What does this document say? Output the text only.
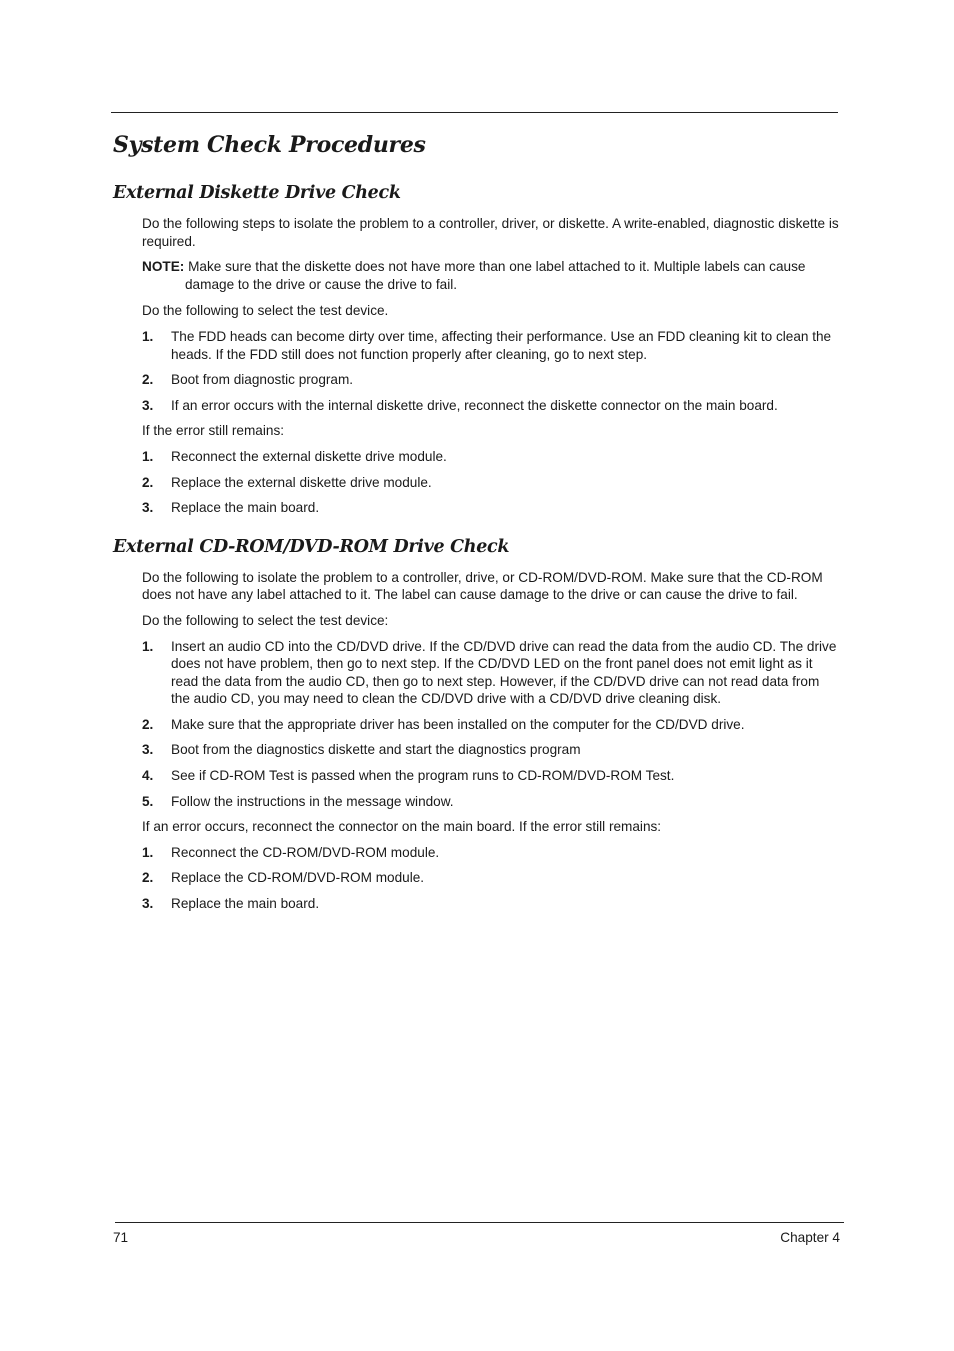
System Check Procedures
External Diskette Drive Check

Do the following steps to isolate the problem to a controller, driver, or diskette. A write-enabled, diagnostic diskette is required.

NOTE: Make sure that the diskette does not have more than one label attached to it. Multiple labels can cause damage to the drive or cause the drive to fail.

Do the following to select the test device.

1. The FDD heads can become dirty over time, affecting their performance. Use an FDD cleaning kit to clean the heads. If the FDD still does not function properly after cleaning, go to next step.
2. Boot from diagnostic program.
3. If an error occurs with the internal diskette drive, reconnect the diskette connector on the main board.

If the error still remains:

1. Reconnect the external diskette drive module.
2. Replace the external diskette drive module.
3. Replace the main board.
External CD-ROM/DVD-ROM Drive Check

Do the following to isolate the problem to a controller, drive, or CD-ROM/DVD-ROM. Make sure that the CD-ROM does not have any label attached to it. The label can cause damage to the drive or can cause the drive to fail.

Do the following to select the test device:

1. Insert an audio CD into the CD/DVD drive. If the CD/DVD drive can read the data from the audio CD. The drive does not have problem, then go to next step. If the CD/DVD LED on the front panel does not emit light as it read the data from the audio CD, then go to next step. However, if the CD/DVD drive can not read data from the audio CD, you may need to clean the CD/DVD drive with a CD/DVD drive cleaning disk.
2. Make sure that the appropriate driver has been installed on the computer for the CD/DVD drive.
3. Boot from the diagnostics diskette and start the diagnostics program
4. See if CD-ROM Test is passed when the program runs to CD-ROM/DVD-ROM Test.
5. Follow the instructions in the message window.

If an error occurs, reconnect the connector on the main board. If the error still remains:

1. Reconnect the CD-ROM/DVD-ROM module.
2. Replace the CD-ROM/DVD-ROM module.
3. Replace the main board.
71	Chapter 4
